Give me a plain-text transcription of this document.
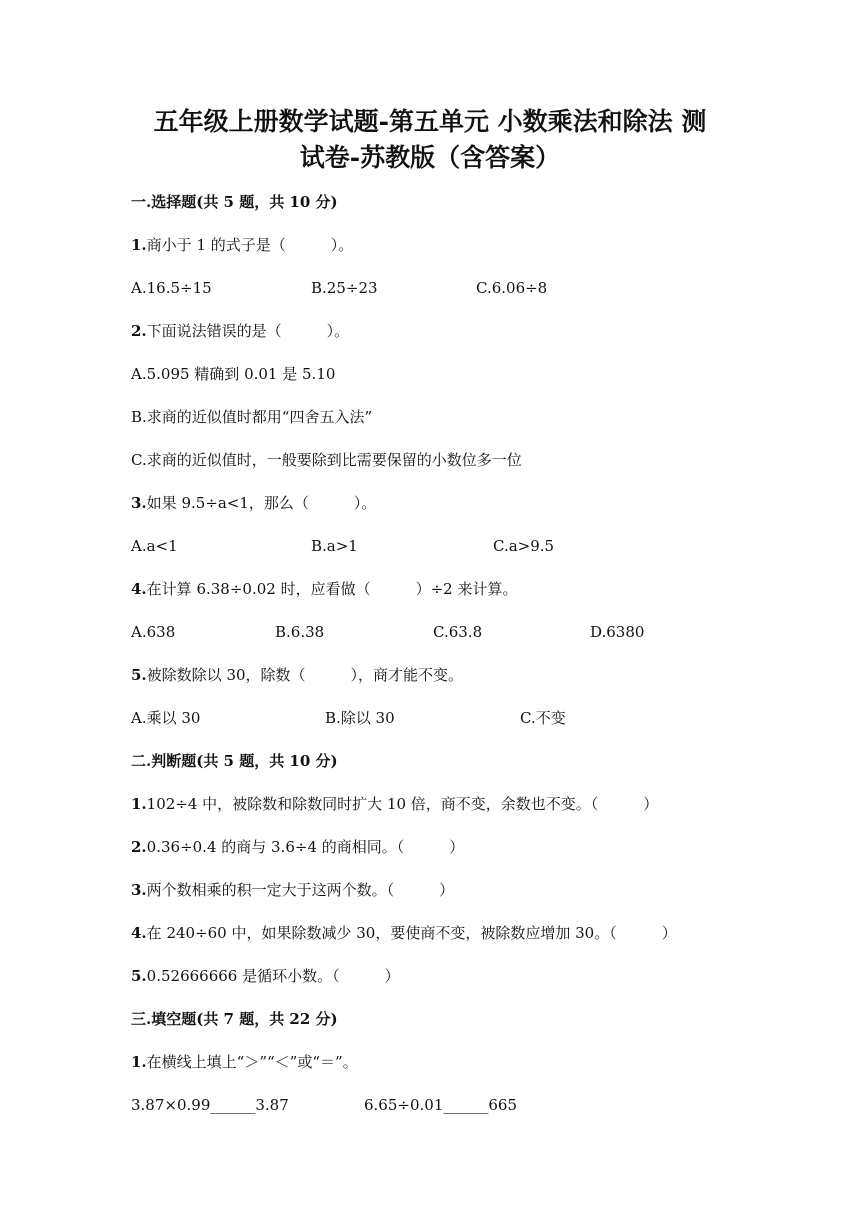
五年级上册数学试题-第五单元 小数乘法和除法 测
试卷-苏教版（含答案）
一.选择题(共 5 题，共 10 分)
1.商小于 1 的式子是（　　　）。
A.16.5÷15	B.25÷23	C.6.06÷8
2.下面说法错误的是（　　　）。
A.5.095 精确到 0.01 是 5.10
B.求商的近似值时都用“四舍五入法”
C.求商的近似值时，一般要除到比需要保留的小数位多一位
3.如果 9.5÷a<1，那么（　　　）。
A.a<1	B.a>1	C.a>9.5
4.在计算 6.38÷0.02 时，应看做（　　　）÷2 来计算。
A.638	B.6.38	C.63.8	D.6380
5.被除数除以 30，除数（　　　），商才能不变。
A.乘以 30	B.除以 30	C.不变
二.判断题(共 5 题，共 10 分)
1.102÷4 中，被除数和除数同时扩大 10 倍，商不变，余数也不变。（　　　）
2.0.36÷0.4 的商与 3.6÷4 的商相同。（　　　）
3.两个数相乘的积一定大于这两个数。（　　　）
4.在 240÷60 中，如果除数减少 30，要使商不变，被除数应增加 30。（　　　）
5.0.52666666 是循环小数。（　　　）
三.填空题(共 7 题，共 22 分)
1.在横线上填上“＞”“＜”或“＝”。
3.87×0.99______3.87	6.65÷0.01______665
